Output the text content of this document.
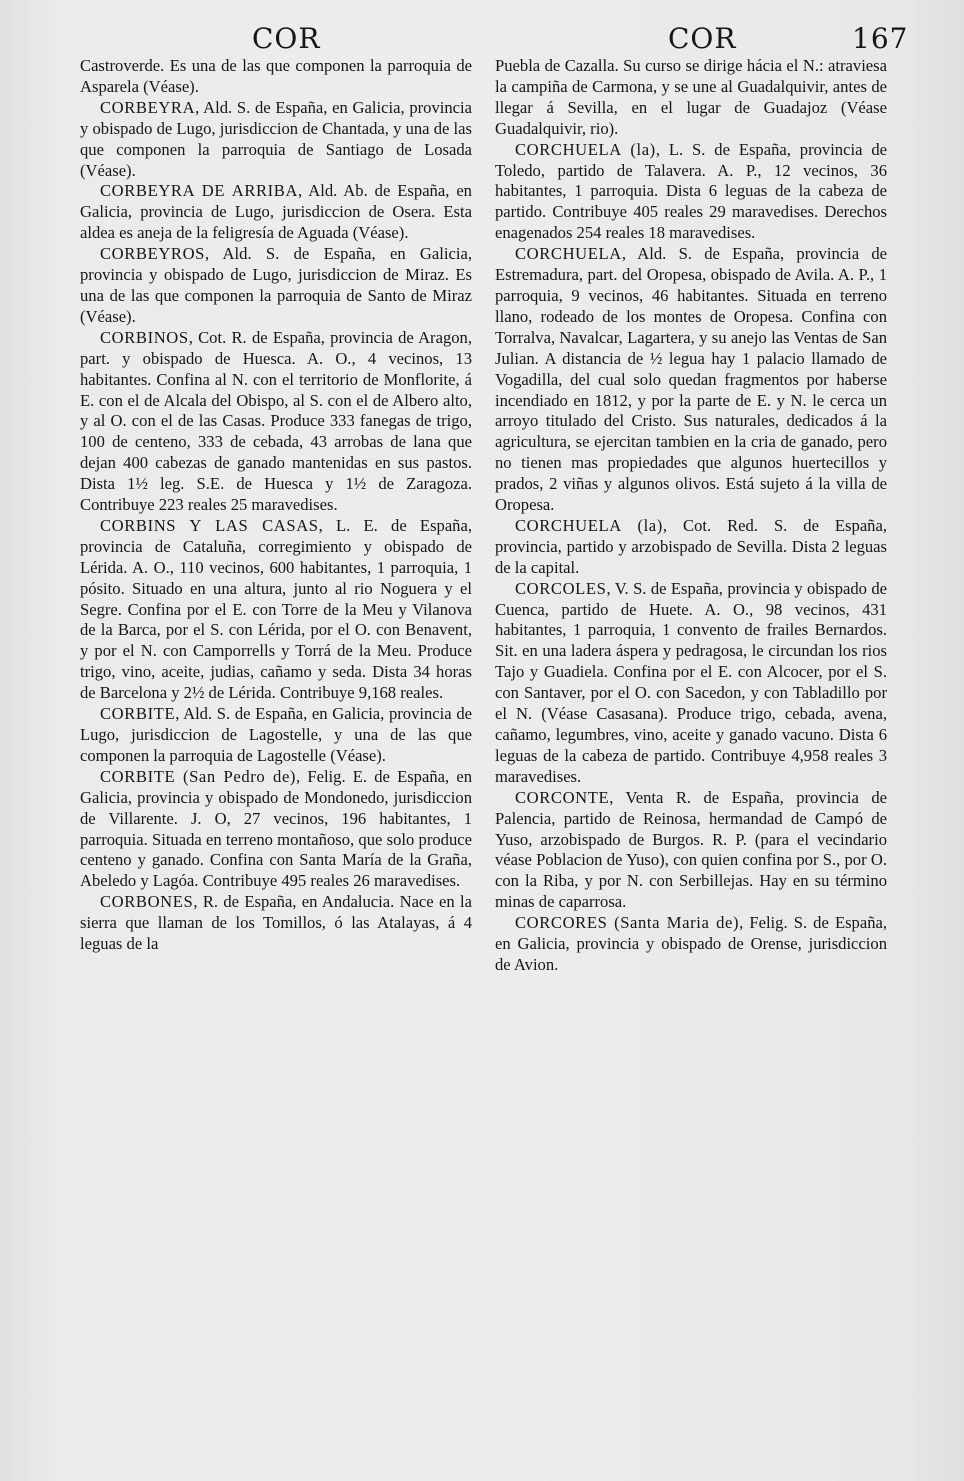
COR	COR	167

Castroverde. Es una de las que componen la parroquia de Asparela (Véase).

CORBEYRA, Ald. S. de España, en Galicia, provincia y obispado de Lugo, jurisdiccion de Chantada, y una de las que componen la parroquia de Santiago de Losada (Véase).

CORBEYRA DE ARRIBA, Ald. Ab. de España, en Galicia, provincia de Lugo, jurisdiccion de Osera. Esta aldea es aneja de la feligresía de Aguada (Véase).

CORBEYROS, Ald. S. de España, en Galicia, provincia y obispado de Lugo, jurisdiccion de Miraz. Es una de las que componen la parroquia de Santo de Miraz (Véase).

CORBINOS, Cot. R. de España, provincia de Aragon, part. y obispado de Huesca. A. O., 4 vecinos, 13 habitantes. Confina al N. con el territorio de Monflorite, á E. con el de Alcala del Obispo, al S. con el de Albero alto, y al O. con el de las Casas. Produce 333 fanegas de trigo, 100 de centeno, 333 de cebada, 43 arrobas de lana que dejan 400 cabezas de ganado mantenidas en sus pastos. Dista 1½ leg. S.E. de Huesca y 1½ de Zaragoza. Contribuye 223 reales 25 maravedises.

CORBINS Y LAS CASAS, L. E. de España, provincia de Cataluña, corregimiento y obispado de Lérida. A. O., 110 vecinos, 600 habitantes, 1 parroquia, 1 pósito. Situado en una altura, junto al rio Noguera y el Segre. Confina por el E. con Torre de la Meu y Vilanova de la Barca, por el S. con Lérida, por el O. con Benavent, y por el N. con Camporrells y Torrá de la Meu. Produce trigo, vino, aceite, judias, cañamo y seda. Dista 34 horas de Barcelona y 2½ de Lérida. Contribuye 9,168 reales.

CORBITE, Ald. S. de España, en Galicia, provincia de Lugo, jurisdiccion de Lagostelle, y una de las que componen la parroquia de Lagostelle (Véase).

CORBITE (San Pedro de), Felig. E. de España, en Galicia, provincia y obispado de Mondonedo, jurisdiccion de Villarente. J. O, 27 vecinos, 196 habitantes, 1 parroquia. Situada en terreno montañoso, que solo produce centeno y ganado. Confina con Santa María de la Graña, Abeledo y Lagóa. Contribuye 495 reales 26 maravedises.

CORBONES, R. de España, en Andalucia. Nace en la sierra que llaman de los Tomillos, ó las Atalayas, á 4 leguas de la

Puebla de Cazalla. Su curso se dirige hácia el N.: atraviesa la campiña de Carmona, y se une al Guadalquivir, antes de llegar á Sevilla, en el lugar de Guadajoz (Véase Guadalquivir, rio).

CORCHUELA (la), L. S. de España, provincia de Toledo, partido de Talavera. A. P., 12 vecinos, 36 habitantes, 1 parroquia. Dista 6 leguas de la cabeza de partido. Contribuye 405 reales 29 maravedises. Derechos enagenados 254 reales 18 maravedises.

CORCHUELA, Ald. S. de España, provincia de Estremadura, part. del Oropesa, obispado de Avila. A. P., 1 parroquia, 9 vecinos, 46 habitantes. Situada en terreno llano, rodeado de los montes de Oropesa. Confina con Torralva, Navalcar, Lagartera, y su anejo las Ventas de San Julian. A distancia de ½ legua hay 1 palacio llamado de Vogadilla, del cual solo quedan fragmentos por haberse incendiado en 1812, y por la parte de E. y N. le cerca un arroyo titulado del Cristo. Sus naturales, dedicados á la agricultura, se ejercitan tambien en la cria de ganado, pero no tienen mas propiedades que algunos huertecillos y prados, 2 viñas y algunos olivos. Está sujeto á la villa de Oropesa.

CORCHUELA (la), Cot. Red. S. de España, provincia, partido y arzobispado de Sevilla. Dista 2 leguas de la capital.

CORCOLES, V. S. de España, provincia y obispado de Cuenca, partido de Huete. A. O., 98 vecinos, 431 habitantes, 1 parroquia, 1 convento de frailes Bernardos. Sit. en una ladera áspera y pedragosa, le circundan los rios Tajo y Guadiela. Confina por el E. con Alcocer, por el S. con Santaver, por el O. con Sacedon, y con Tabladillo por el N. (Véase Casasana). Produce trigo, cebada, avena, cañamo, legumbres, vino, aceite y ganado vacuno. Dista 6 leguas de la cabeza de partido. Contribuye 4,958 reales 3 maravedises.

CORCONTE, Venta R. de España, provincia de Palencia, partido de Reinosa, hermandad de Campó de Yuso, arzobispado de Burgos. R. P. (para el vecindario véase Poblacion de Yuso), con quien confina por S., por O. con la Riba, y por N. con Serbillejas. Hay en su término minas de caparrosa.

CORCORES (Santa Maria de), Felig. S. de España, en Galicia, provincia y obispado de Orense, jurisdiccion de Avion.
